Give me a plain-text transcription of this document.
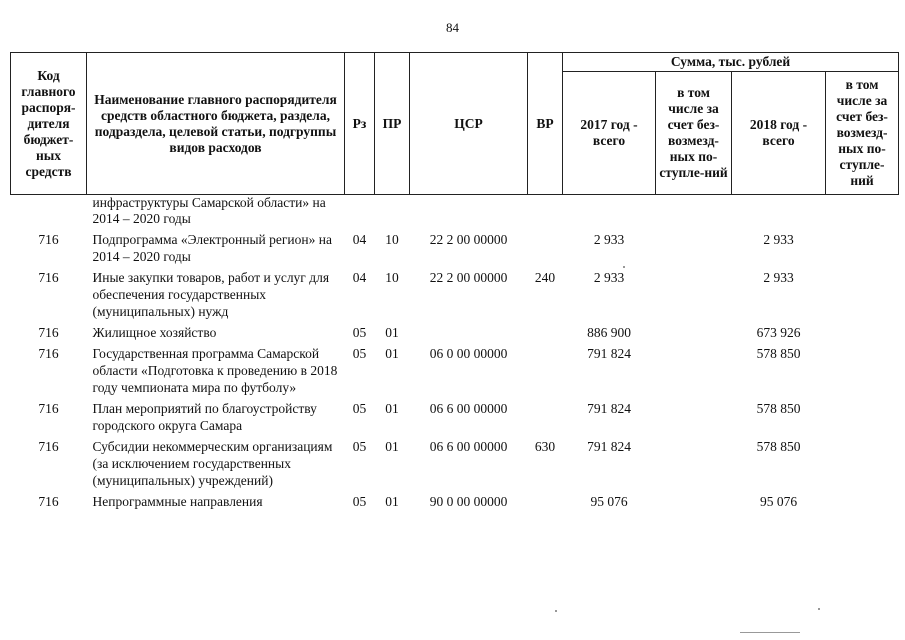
84
Код главного распоря-дителя бюджет-ных средств	Наименование главного распорядителя средств областного бюджета, раздела, подраздела, целевой статьи, подгруппы видов расходов	Рз	ПР	ЦСР	ВР	Сумма, тыс. рублей			
						2017 год - всего	в том числе за счет без-возмезд-ных по-ступле-ний	2018 год - всего	в том числе за счет без-возмезд-ных по-ступле-ний
	инфраструктуры Самарской области» на 2014 – 2020 годы								
716	Подпрограмма «Электронный регион» на 2014 – 2020 годы	04	10	22 2 00 00000		2 933		2 933	
716	Иные закупки товаров, работ и услуг для обеспечения государственных (муниципальных) нужд	04	10	22 2 00 00000	240	2 933		2 933	
716	Жилищное хозяйство	05	01			886 900		673 926	
716	Государственная программа Самарской области «Подготовка к проведению в 2018 году чемпионата мира по футболу»	05	01	06 0 00 00000		791 824		578 850	
716	План мероприятий по благоустройству городского округа Самара	05	01	06 6 00 00000		791 824		578 850	
716	Субсидии некоммерческим организациям (за исключением государственных (муниципальных) учреждений)	05	01	06 6 00 00000	630	791 824		578 850	
716	Непрограммные направления	05	01	90 0 00 00000		95 076		95 076	
